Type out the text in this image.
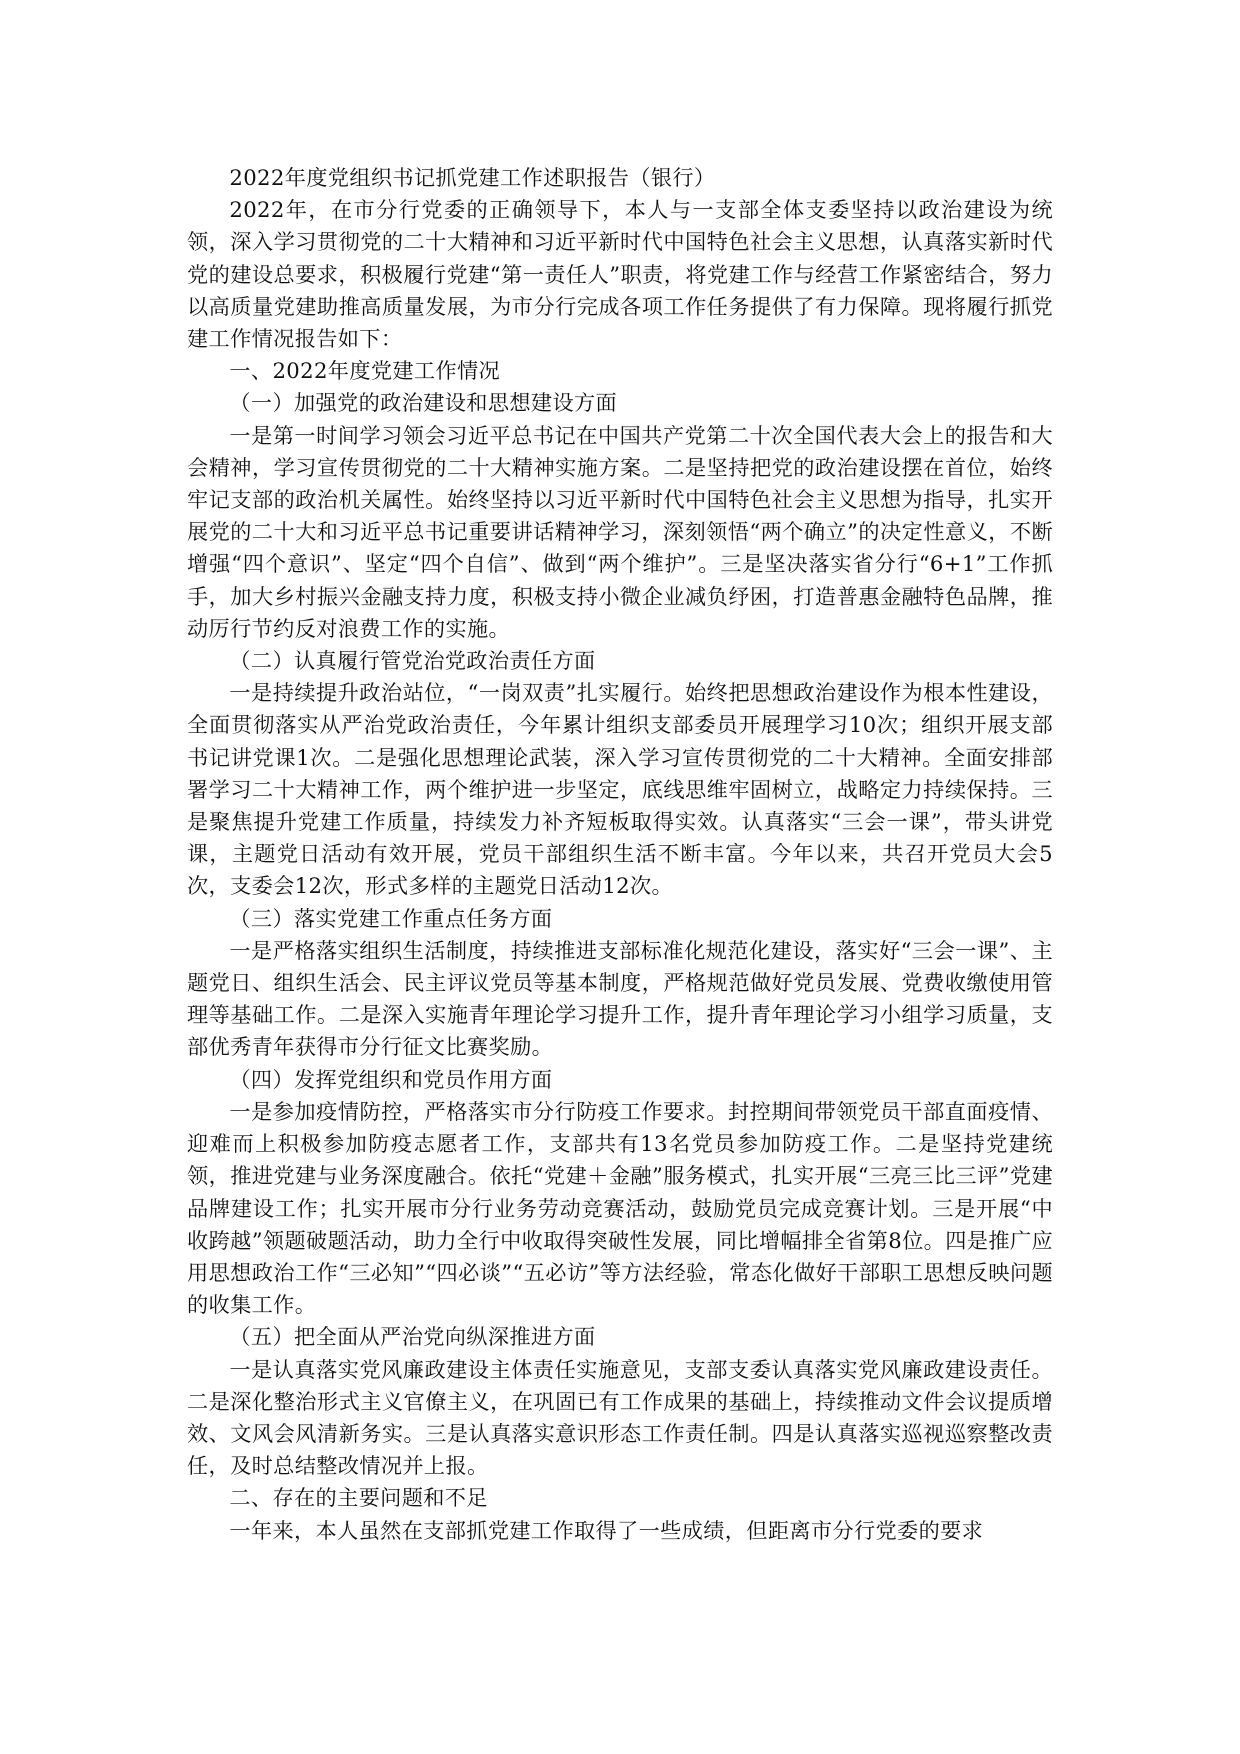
2022年度党组织书记抓党建工作述职报告（银行）

2022年，在市分行党委的正确领导下，本人与一支部全体支委坚持以政治建设为统领，深入学习贯彻党的二十大精神和习近平新时代中国特色社会主义思想，认真落实新时代党的建设总要求，积极履行党建“第一责任人”职责，将党建工作与经营工作紧密结合，努力以高质量党建助推高质量发展，为市分行完成各项工作任务提供了有力保障。现将履行抓党建工作情况报告如下：

一、2022年度党建工作情况

（一）加强党的政治建设和思想建设方面

一是第一时间学习领会习近平总书记在中国共产党第二十次全国代表大会上的报告和大会精神，学习宣传贯彻党的二十大精神实施方案。二是坚持把党的政治建设摆在首位，始终牢记支部的政治机关属性。始终坚持以习近平新时代中国特色社会主义思想为指导，扎实开展党的二十大和习近平总书记重要讲话精神学习，深刻领悟“两个确立”的决定性意义，不断增强“四个意识”、坚定“四个自信”、做到“两个维护”。三是坚决落实省分行“6+1”工作抓手，加大乡村振兴金融支持力度，积极支持小微企业减负纾困，打造普惠金融特色品牌，推动厉行节约反对浪费工作的实施。

（二）认真履行管党治党政治责任方面

一是持续提升政治站位，“一岗双责”扎实履行。始终把思想政治建设作为根本性建设，全面贯彻落实从严治党政治责任，今年累计组织支部委员开展理学习10次；组织开展支部书记讲党课1次。二是强化思想理论武装，深入学习宣传贯彻党的二十大精神。全面安排部署学习二十大精神工作，两个维护进一步坚定，底线思维牢固树立，战略定力持续保持。三是聚焦提升党建工作质量，持续发力补齐短板取得实效。认真落实“三会一课”，带头讲党课，主题党日活动有效开展，党员干部组织生活不断丰富。今年以来，共召开党员大会5次，支委会12次，形式多样的主题党日活动12次。

（三）落实党建工作重点任务方面

一是严格落实组织生活制度，持续推进支部标准化规范化建设，落实好“三会一课”、主题党日、组织生活会、民主评议党员等基本制度，严格规范做好党员发展、党费收缴使用管理等基础工作。二是深入实施青年理论学习提升工作，提升青年理论学习小组学习质量，支部优秀青年获得市分行征文比赛奖励。

（四）发挥党组织和党员作用方面

一是参加疫情防控，严格落实市分行防疫工作要求。封控期间带领党员干部直面疫情、迎难而上积极参加防疫志愿者工作，支部共有13名党员参加防疫工作。二是坚持党建统领，推进党建与业务深度融合。依托“党建＋金融”服务模式，扎实开展“三亮三比三评”党建品牌建设工作；扎实开展市分行业务劳动竞赛活动，鼓励党员完成竞赛计划。三是开展“中收跨越”领题破题活动，助力全行中收取得突破性发展，同比增幅排全省第8位。四是推广应用思想政治工作“三必知”“四必谈”“五必访”等方法经验，常态化做好干部职工思想反映问题的收集工作。

（五）把全面从严治党向纵深推进方面

一是认真落实党风廉政建设主体责任实施意见，支部支委认真落实党风廉政建设责任。二是深化整治形式主义官僚主义，在巩固已有工作成果的基础上，持续推动文件会议提质增效、文风会风清新务实。三是认真落实意识形态工作责任制。四是认真落实巡视巡察整改责任，及时总结整改情况并上报。

二、存在的主要问题和不足

一年来，本人虽然在支部抓党建工作取得了一些成绩，但距离市分行党委的要求
